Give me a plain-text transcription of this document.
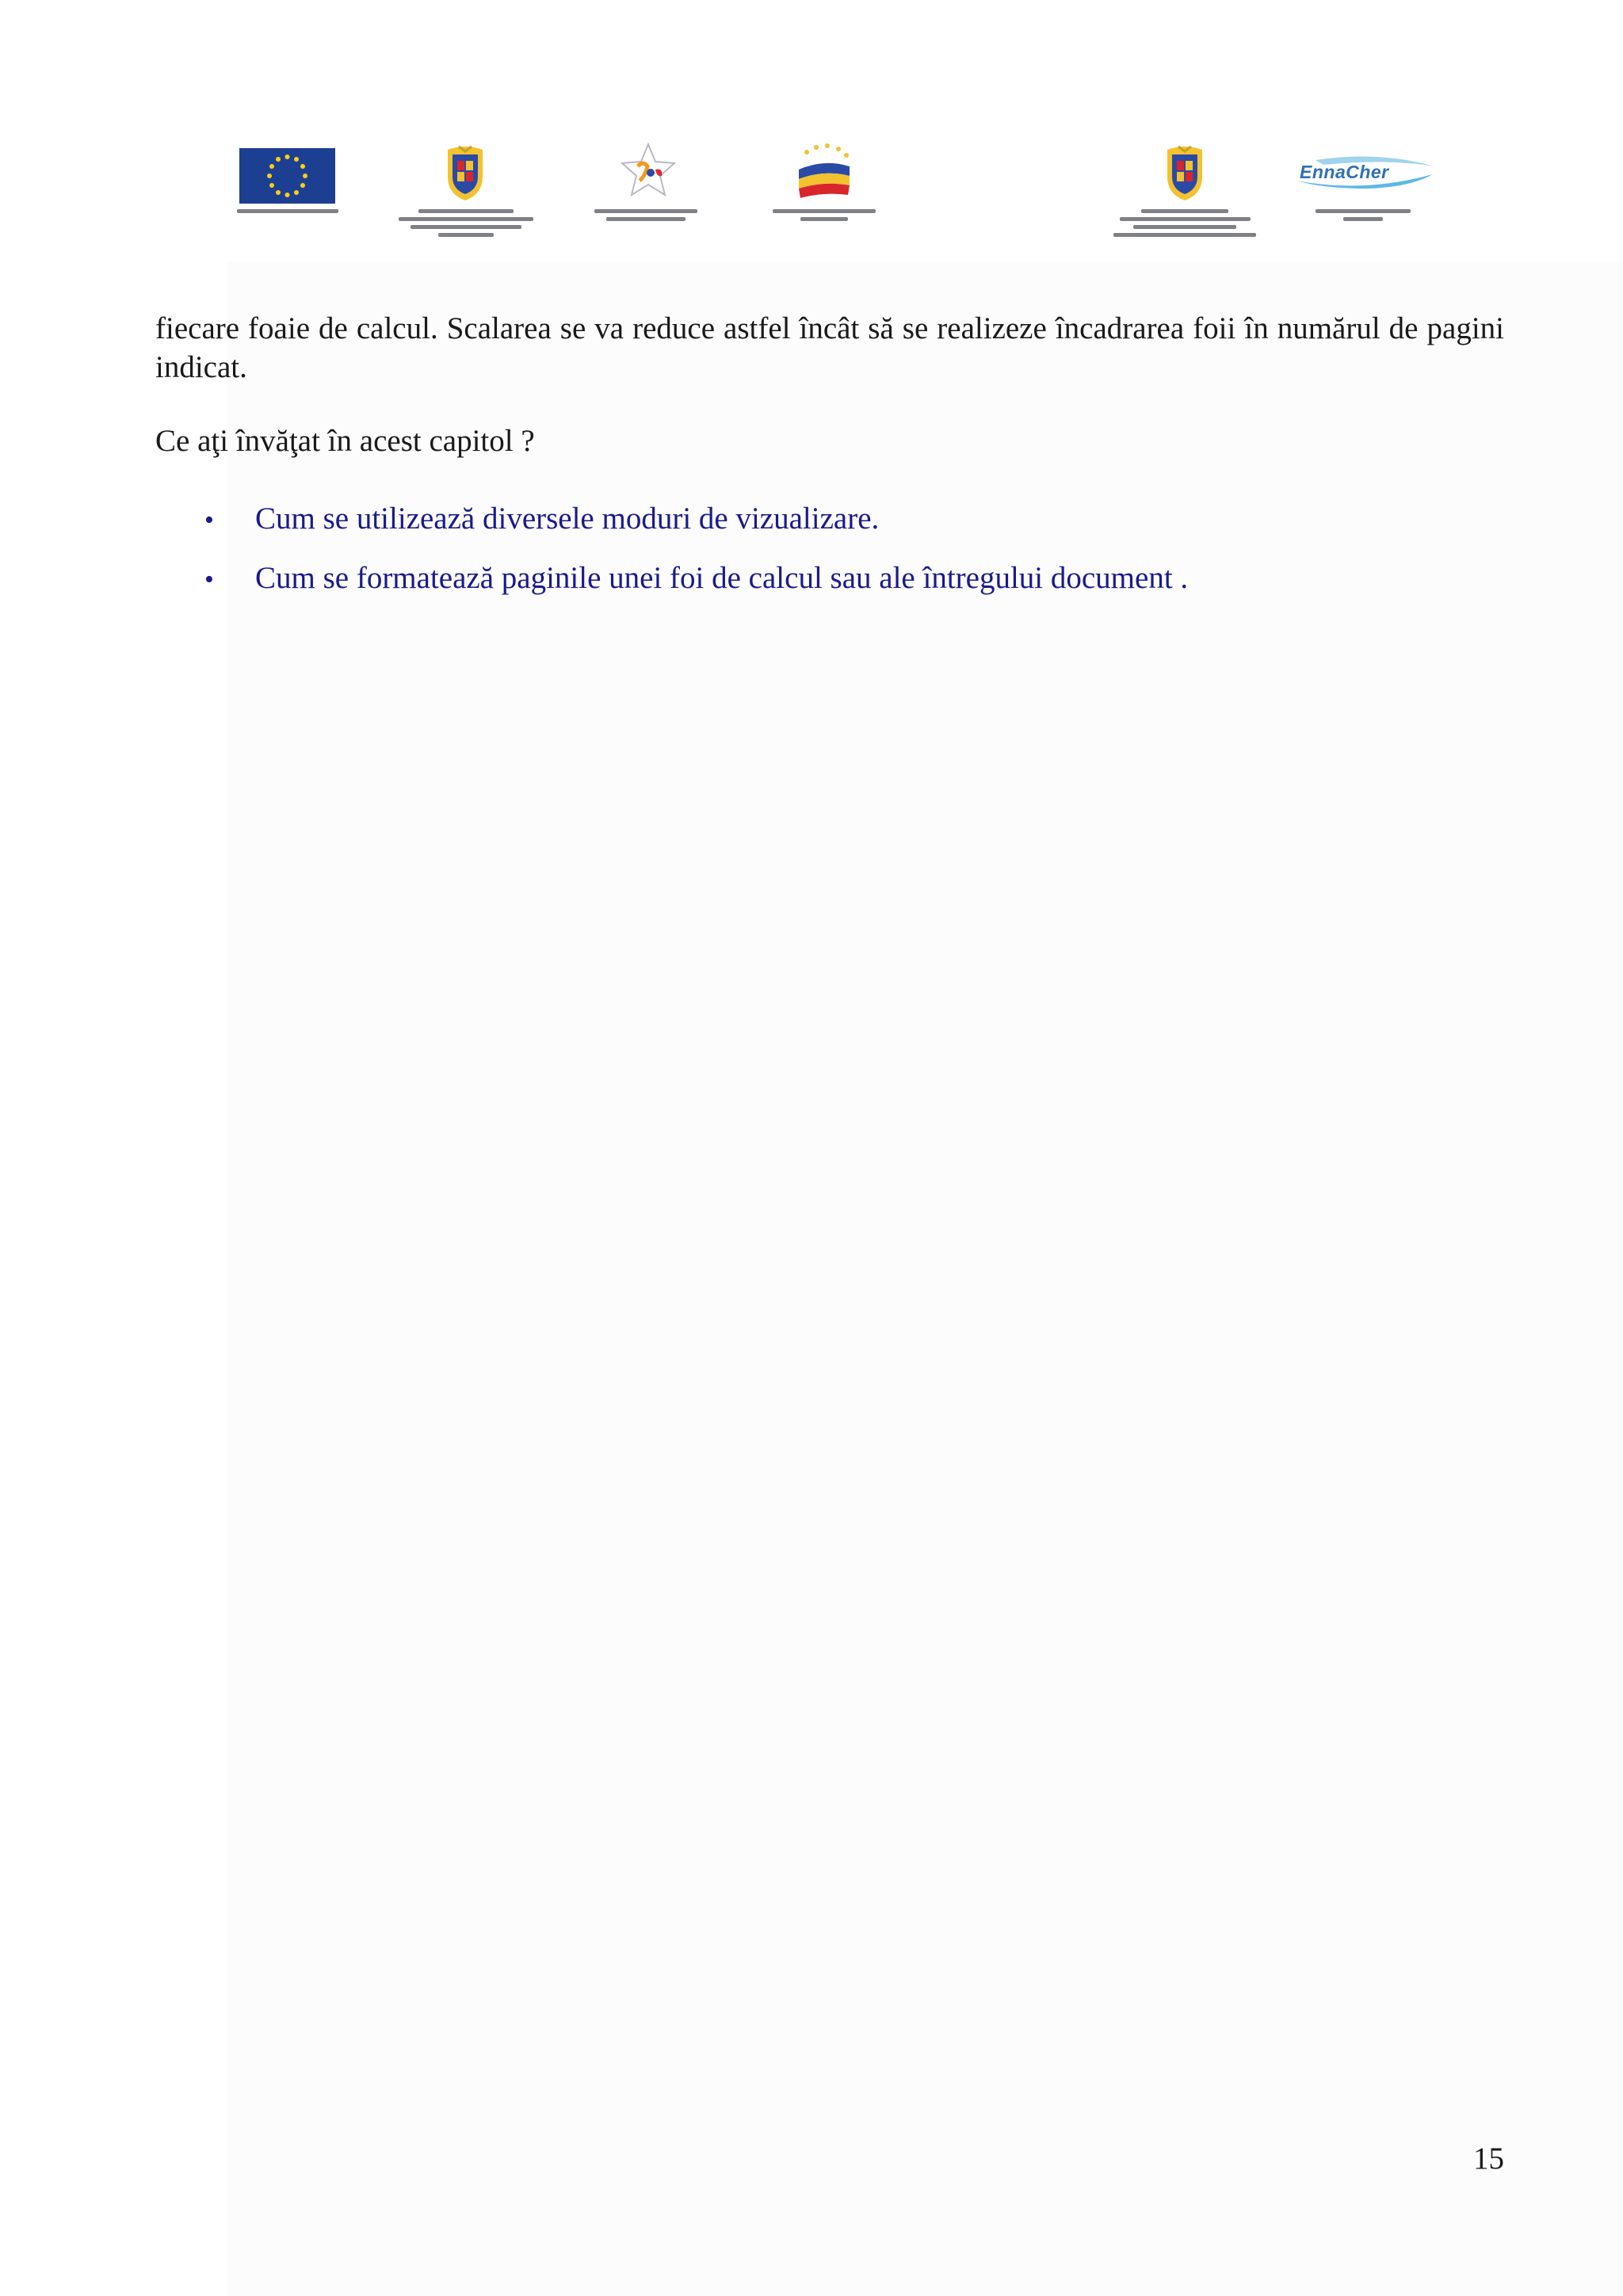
EnnaCher
fiecare foaie de calcul. Scalarea se va reduce astfel încât să se realizeze încadrarea foii în numărul de pagini indicat.
Ce aţi învăţat în acest capitol ?
• Cum se utilizează diversele moduri de vizualizare.
• Cum se formatează paginile unei foi de calcul sau ale întregului document .
15
